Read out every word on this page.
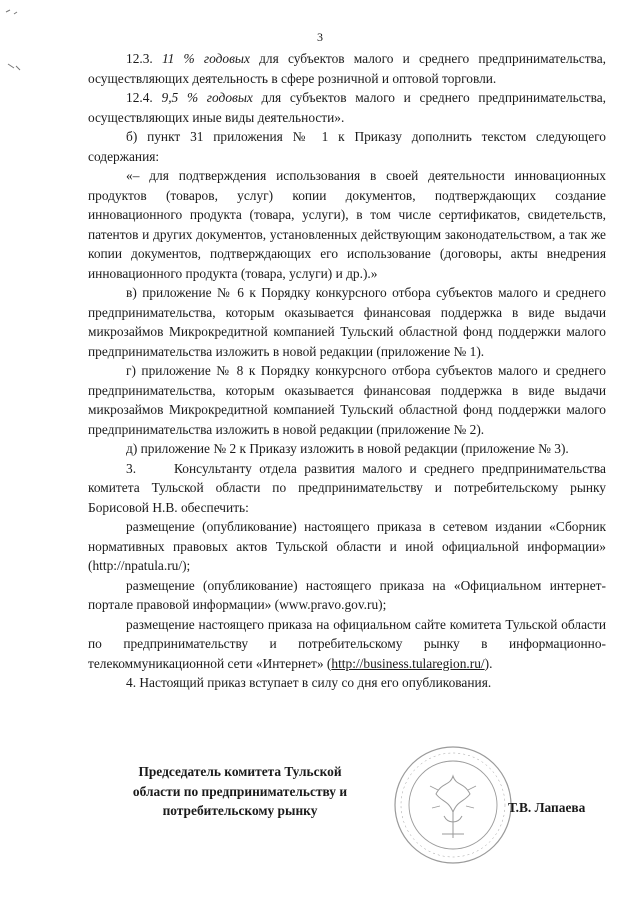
3

12.3. 11 % годовых для субъектов малого и среднего предпринимательства, осуществляющих деятельность в сфере розничной и оптовой торговли.

12.4. 9,5 % годовых для субъектов малого и среднего предпринимательства, осуществляющих иные виды деятельности».

б) пункт 31 приложения № 1 к Приказу дополнить текстом следующего содержания:

«– для подтверждения использования в своей деятельности инновационных продуктов (товаров, услуг) копии документов, подтверждающих создание инновационного продукта (товара, услуги), в том числе сертификатов, свидетельств, патентов и других документов, установленных действующим законодательством, а так же копии документов, подтверждающих его использование (договоры, акты внедрения инновационного продукта (товара, услуги) и др.).»

в) приложение № 6 к Порядку конкурсного отбора субъектов малого и среднего предпринимательства, которым оказывается финансовая поддержка в виде выдачи микрозаймов Микрокредитной компанией Тульский областной фонд поддержки малого предпринимательства изложить в новой редакции (приложение № 1).

г) приложение № 8 к Порядку конкурсного отбора субъектов малого и среднего предпринимательства, которым оказывается финансовая поддержка в виде выдачи микрозаймов Микрокредитной компанией Тульский областной фонд поддержки малого предпринимательства изложить в новой редакции (приложение № 2).

д) приложение № 2 к Приказу изложить в новой редакции (приложение № 3).

3.	Консультанту отдела развития малого и среднего предпринимательства комитета Тульской области по предпринимательству и потребительскому рынку Борисовой Н.В. обеспечить:

размещение (опубликование) настоящего приказа в сетевом издании «Сборник нормативных правовых актов Тульской области и иной официальной информации» (http://npatula.ru/);

размещение (опубликование) настоящего приказа на «Официальном интернет-портале правовой информации» (www.pravo.gov.ru);

размещение настоящего приказа на официальном сайте комитета Тульской области по предпринимательству и потребительскому рынку в информационно-телекоммуникационной сети «Интернет» (http://business.tularegion.ru/).

4. Настоящий приказ вступает в силу со дня его опубликования.

Председатель комитета Тульской
области по предпринимательству и
потребительскому рынку	Т.В. Лапаева
